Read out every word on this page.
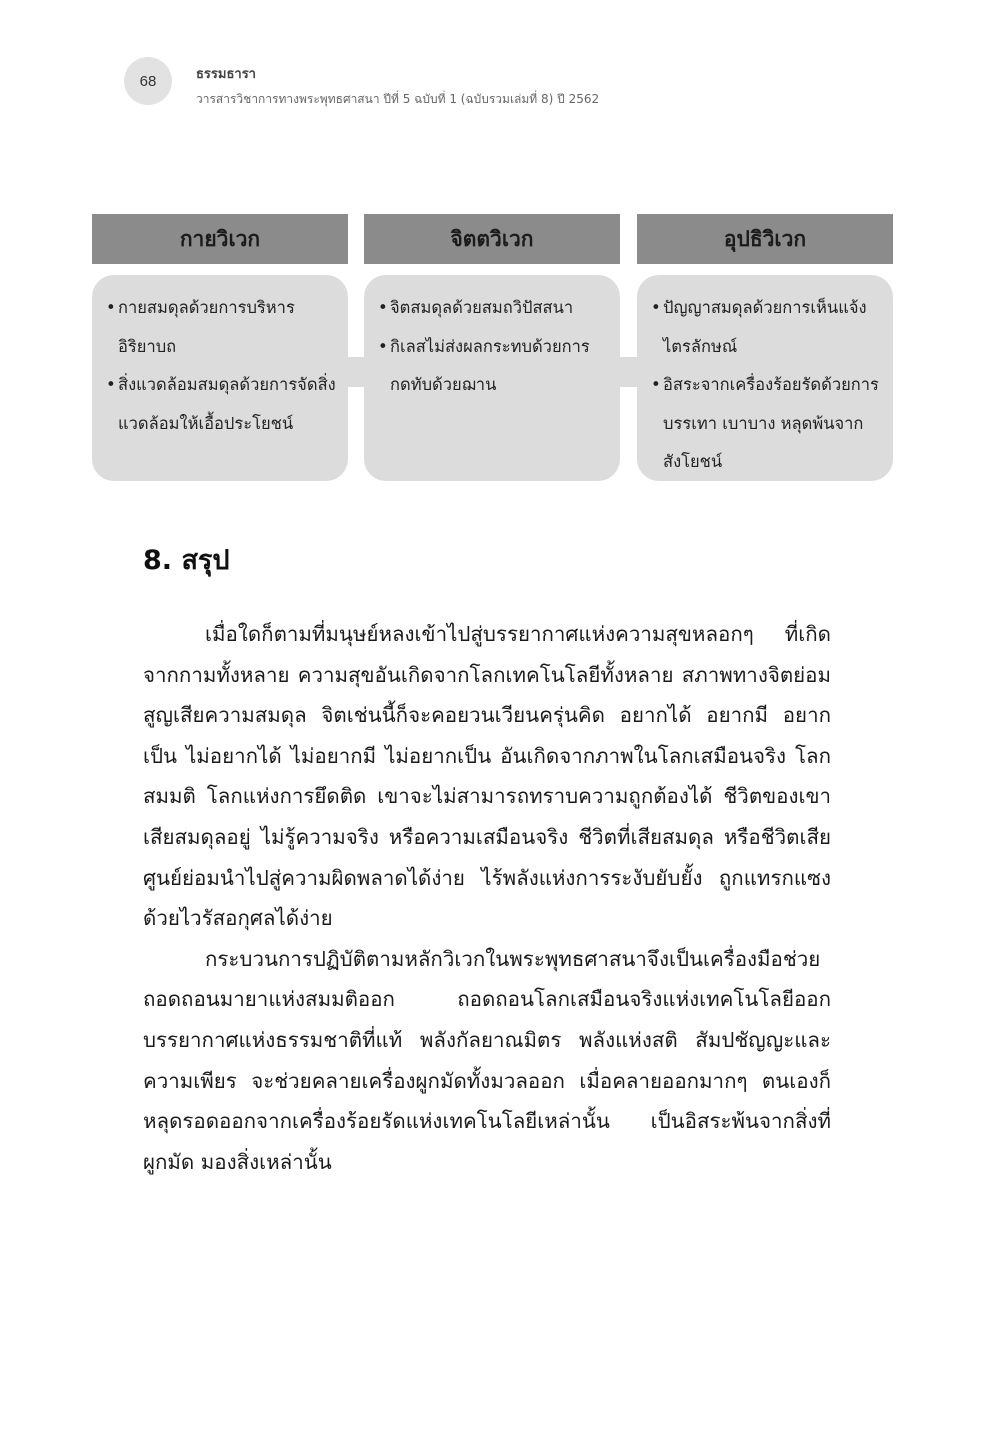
68	ธรรมธารา
วารสารวิชาการทางพระพุทธศาสนา ปีที่ 5 ฉบับที่ 1 (ฉบับรวมเล่มที่ 8) ปี 2562
กายวิเวก
• กายสมดุลด้วยการบริหารอิริยาบถ
• สิ่งแวดล้อมสมดุลด้วยการจัดสิ่งแวดล้อมให้เอื้อประโยชน์
จิตตวิเวก
• จิตสมดุลด้วยสมถวิปัสสนา
• กิเลสไม่ส่งผลกระทบด้วยการกดทับด้วยฌาน
อุปธิวิเวก
• ปัญญาสมดุลด้วยการเห็นแจ้งไตรลักษณ์
• อิสระจากเครื่องร้อยรัดด้วยการบรรเทา เบาบาง หลุดพ้นจากสังโยชน์
8. สรุป

เมื่อใดก็ตามที่มนุษย์หลงเข้าไปสู่บรรยากาศแห่งความสุขหลอกๆ ที่เกิดจากกามทั้งหลาย ความสุขอันเกิดจากโลกเทคโนโลยีทั้งหลาย สภาพทางจิตย่อมสูญเสียความสมดุล จิตเช่นนี้ก็จะคอยวนเวียนครุ่นคิด อยากได้ อยากมี อยากเป็น ไม่อยากได้ ไม่อยากมี ไม่อยากเป็น อันเกิดจากภาพในโลกเสมือนจริง โลกสมมติ โลกแห่งการยึดติด เขาจะไม่สามารถทราบความถูกต้องได้ ชีวิตของเขาเสียสมดุลอยู่ ไม่รู้ความจริง หรือความเสมือนจริง ชีวิตที่เสียสมดุล หรือชีวิตเสียศูนย์ย่อมนำไปสู่ความผิดพลาดได้ง่าย ไร้พลังแห่งการระงับยับยั้ง ถูกแทรกแซงด้วยไวรัสอกุศลได้ง่าย

กระบวนการปฏิบัติตามหลักวิเวกในพระพุทธศาสนาจึงเป็นเครื่องมือช่วยถอดถอนมายาแห่งสมมติออก ถอดถอนโลกเสมือนจริงแห่งเทคโนโลยีออก บรรยากาศแห่งธรรมชาติที่แท้ พลังกัลยาณมิตร พลังแห่งสติ สัมปชัญญะและความเพียร จะช่วยคลายเครื่องผูกมัดทั้งมวลออก เมื่อคลายออกมากๆ ตนเองก็หลุดรอดออกจากเครื่องร้อยรัดแห่งเทคโนโลยีเหล่านั้น เป็นอิสระพ้นจากสิ่งที่ผูกมัด มองสิ่งเหล่านั้น
